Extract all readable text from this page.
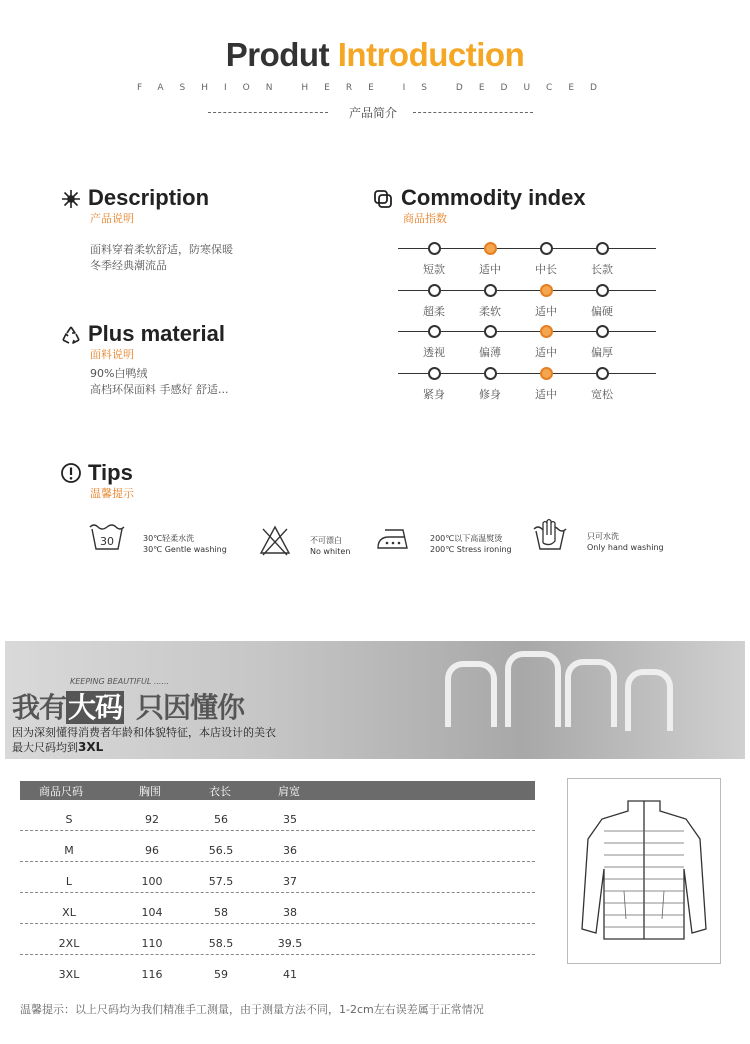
Produt Introduction
FASHION HERE IS DEDUCED
产品简介
Description
产品说明
面料穿着柔软舒适，防寒保暖
冬季经典潮流品
Plus material
面料说明
90%白鸭绒
高档环保面料 手感好 舒适...
Commodity index
商品指数
短款	适中	中长	长款
超柔	柔软	适中	偏硬
透视	偏薄	适中	偏厚
紧身	修身	适中	宽松
Tips
温馨提示
30	30℃轻柔水洗
30℃ Gentle washing
不可漂白
No whiten
200℃以下高温熨烫
200℃ Stress ironing
只可水洗
Only hand washing
KEEPING BEAUTIFUL ......
我有大码 只因懂你
因为深刻懂得消费者年龄和体貌特征，本店设计的美衣
最大尺码均到3XL
商品尺码	胸围	衣长	肩宽
S	92	56	35
M	96	56.5	36
L	100	57.5	37
XL	104	58	38
2XL	110	58.5	39.5
3XL	116	59	41
温馨提示：以上尺码均为我们精准手工测量，由于测量方法不同，1-2cm左右误差属于正常情况
